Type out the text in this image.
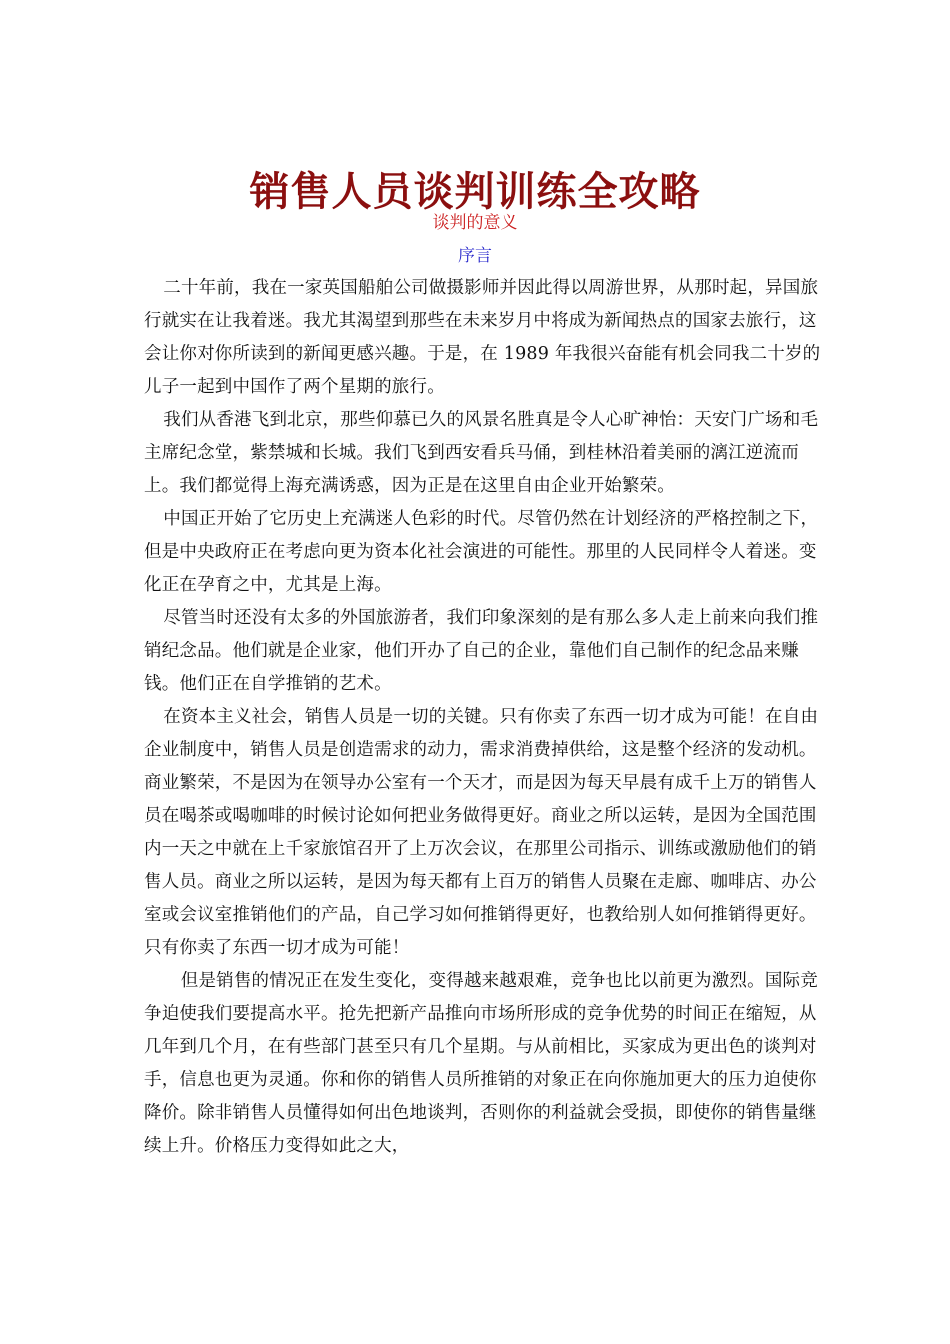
销售人员谈判训练全攻略
谈判的意义
序言

二十年前，我在一家英国船舶公司做摄影师并因此得以周游世界，从那时起，异国旅行就实在让我着迷。我尤其渴望到那些在未来岁月中将成为新闻热点的国家去旅行，这会让你对你所读到的新闻更感兴趣。于是，在 1989 年我很兴奋能有机会同我二十岁的儿子一起到中国作了两个星期的旅行。

我们从香港飞到北京，那些仰慕已久的风景名胜真是令人心旷神怡：天安门广场和毛主席纪念堂，紫禁城和长城。我们飞到西安看兵马俑，到桂林沿着美丽的漓江逆流而上。我们都觉得上海充满诱惑，因为正是在这里自由企业开始繁荣。

中国正开始了它历史上充满迷人色彩的时代。尽管仍然在计划经济的严格控制之下，但是中央政府正在考虑向更为资本化社会演进的可能性。那里的人民同样令人着迷。变化正在孕育之中，尤其是上海。

尽管当时还没有太多的外国旅游者，我们印象深刻的是有那么多人走上前来向我们推销纪念品。他们就是企业家，他们开办了自己的企业，靠他们自己制作的纪念品来赚钱。他们正在自学推销的艺术。

在资本主义社会，销售人员是一切的关键。只有你卖了东西一切才成为可能！在自由企业制度中，销售人员是创造需求的动力，需求消费掉供给，这是整个经济的发动机。商业繁荣，不是因为在领导办公室有一个天才，而是因为每天早晨有成千上万的销售人员在喝茶或喝咖啡的时候讨论如何把业务做得更好。商业之所以运转，是因为全国范围内一天之中就在上千家旅馆召开了上万次会议，在那里公司指示、训练或激励他们的销售人员。商业之所以运转，是因为每天都有上百万的销售人员聚在走廊、咖啡店、办公室或会议室推销他们的产品，自己学习如何推销得更好，也教给别人如何推销得更好。只有你卖了东西一切才成为可能！

但是销售的情况正在发生变化，变得越来越艰难，竞争也比以前更为激烈。国际竞争迫使我们要提高水平。抢先把新产品推向市场所形成的竞争优势的时间正在缩短，从几年到几个月，在有些部门甚至只有几个星期。与从前相比，买家成为更出色的谈判对手，信息也更为灵通。你和你的销售人员所推销的对象正在向你施加更大的压力迫使你降价。除非销售人员懂得如何出色地谈判，否则你的利益就会受损，即使你的销售量继续上升。价格压力变得如此之大，
